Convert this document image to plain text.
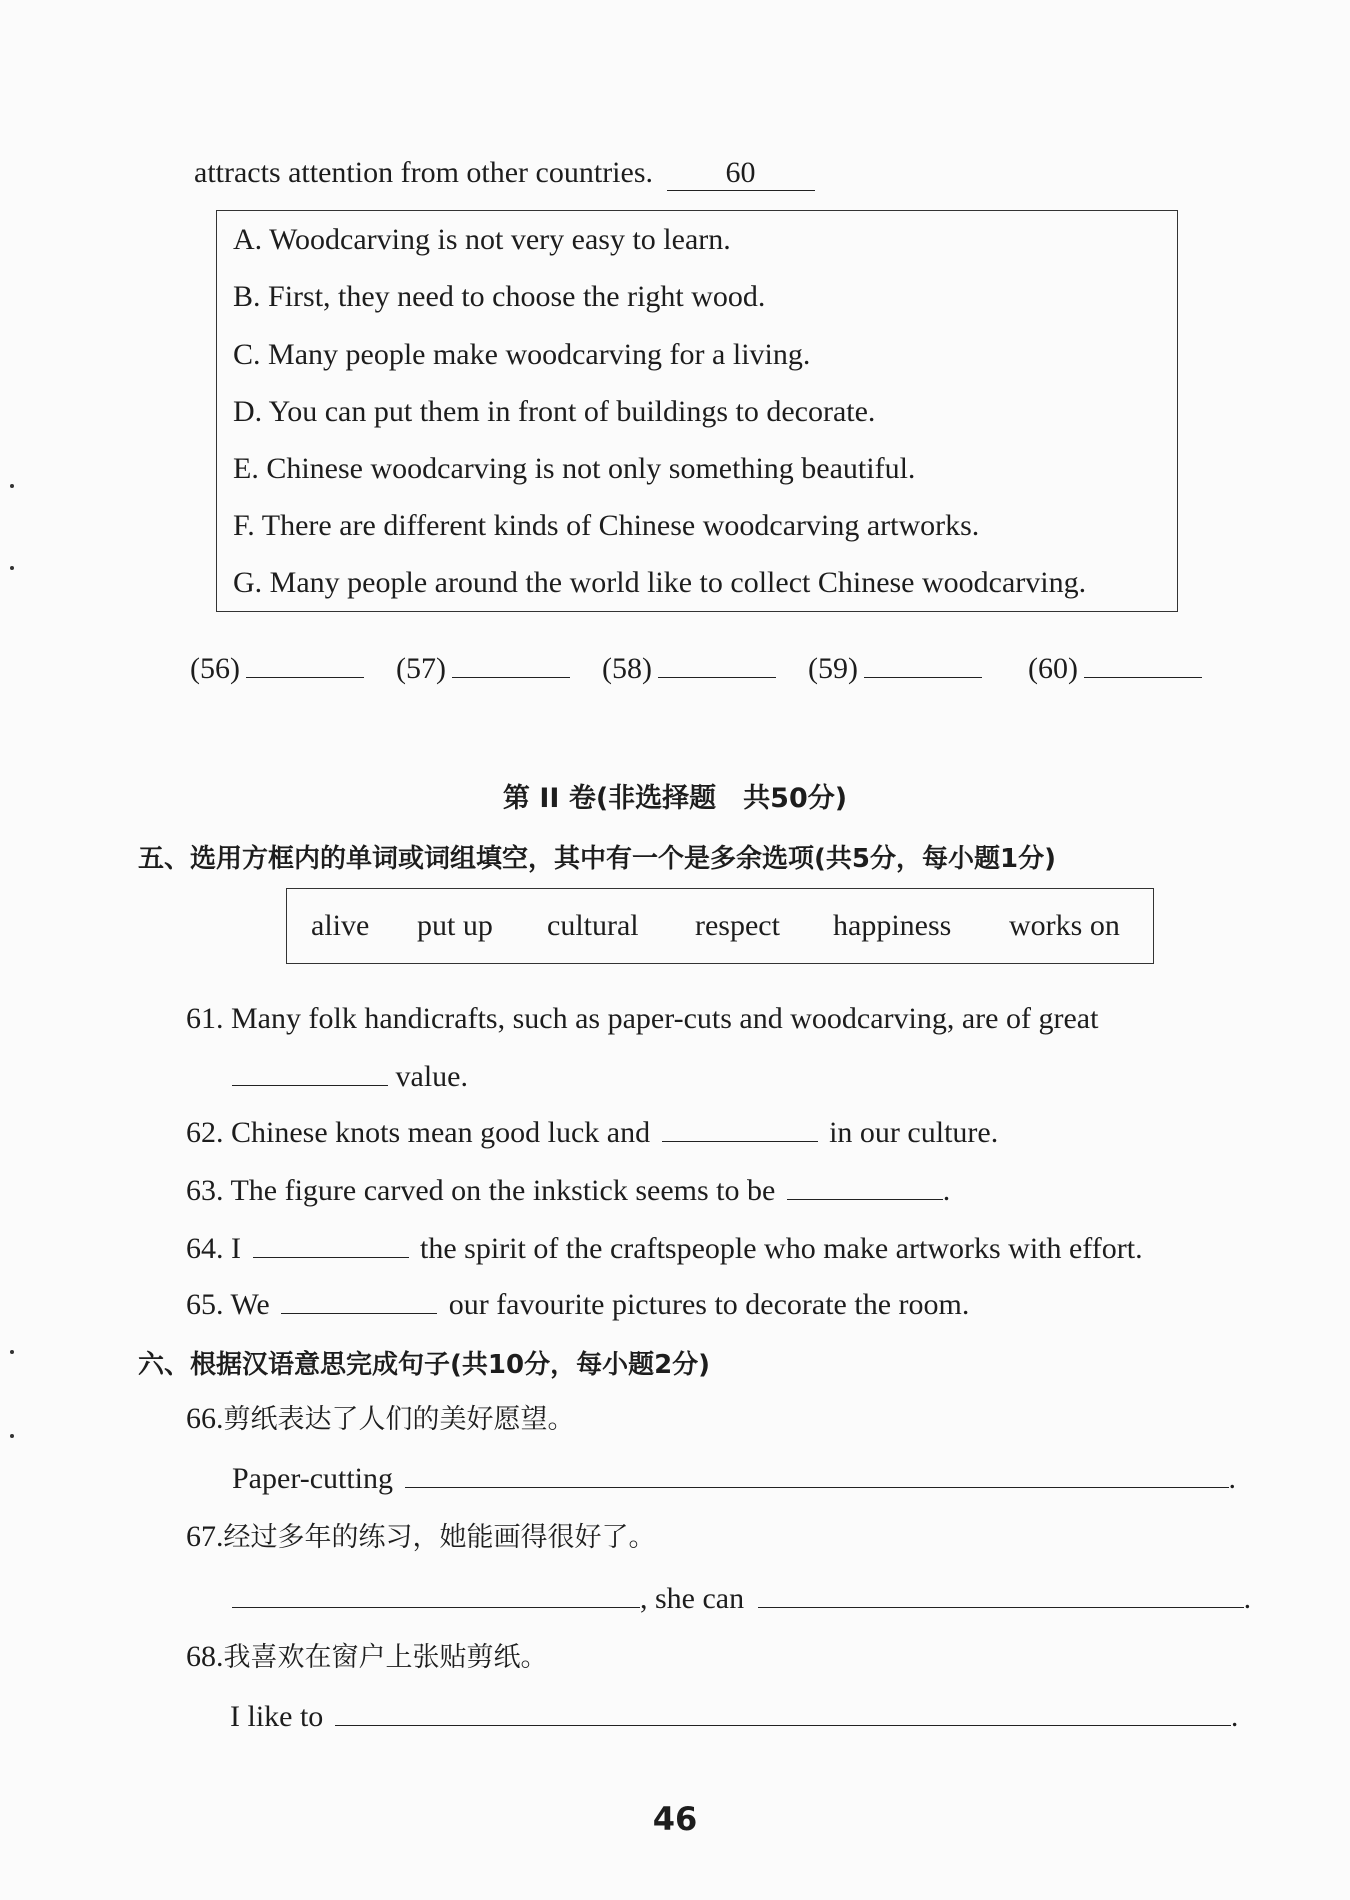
attracts attention from other countries. 60
A. Woodcarving is not very easy to learn.
B. First, they need to choose the right wood.
C. Many people make woodcarving for a living.
D. You can put them in front of buildings to decorate.
E. Chinese woodcarving is not only something beautiful.
F. There are different kinds of Chinese woodcarving artworks.
G. Many people around the world like to collect Chinese woodcarving.
(56)	(57)	(58)	(59)	(60)
第 II 卷(非选择题　共50分)
五、选用方框内的单词或词组填空，其中有一个是多余选项(共5分，每小题1分)
alive put up cultural respect happiness works on
61. Many folk handicrafts, such as paper-cuts and woodcarving, are of great
value.
62. Chinese knots mean good luck and	in our culture.
63. The figure carved on the inkstick seems to be	.
64. I	the spirit of the craftspeople who make artworks with effort.
65. We	our favourite pictures to decorate the room.
六、根据汉语意思完成句子(共10分，每小题2分)
66.剪纸表达了人们的美好愿望。
Paper-cutting	.
67.经过多年的练习，她能画得很好了。
, she can	.
68.我喜欢在窗户上张贴剪纸。
I like to	.
46
